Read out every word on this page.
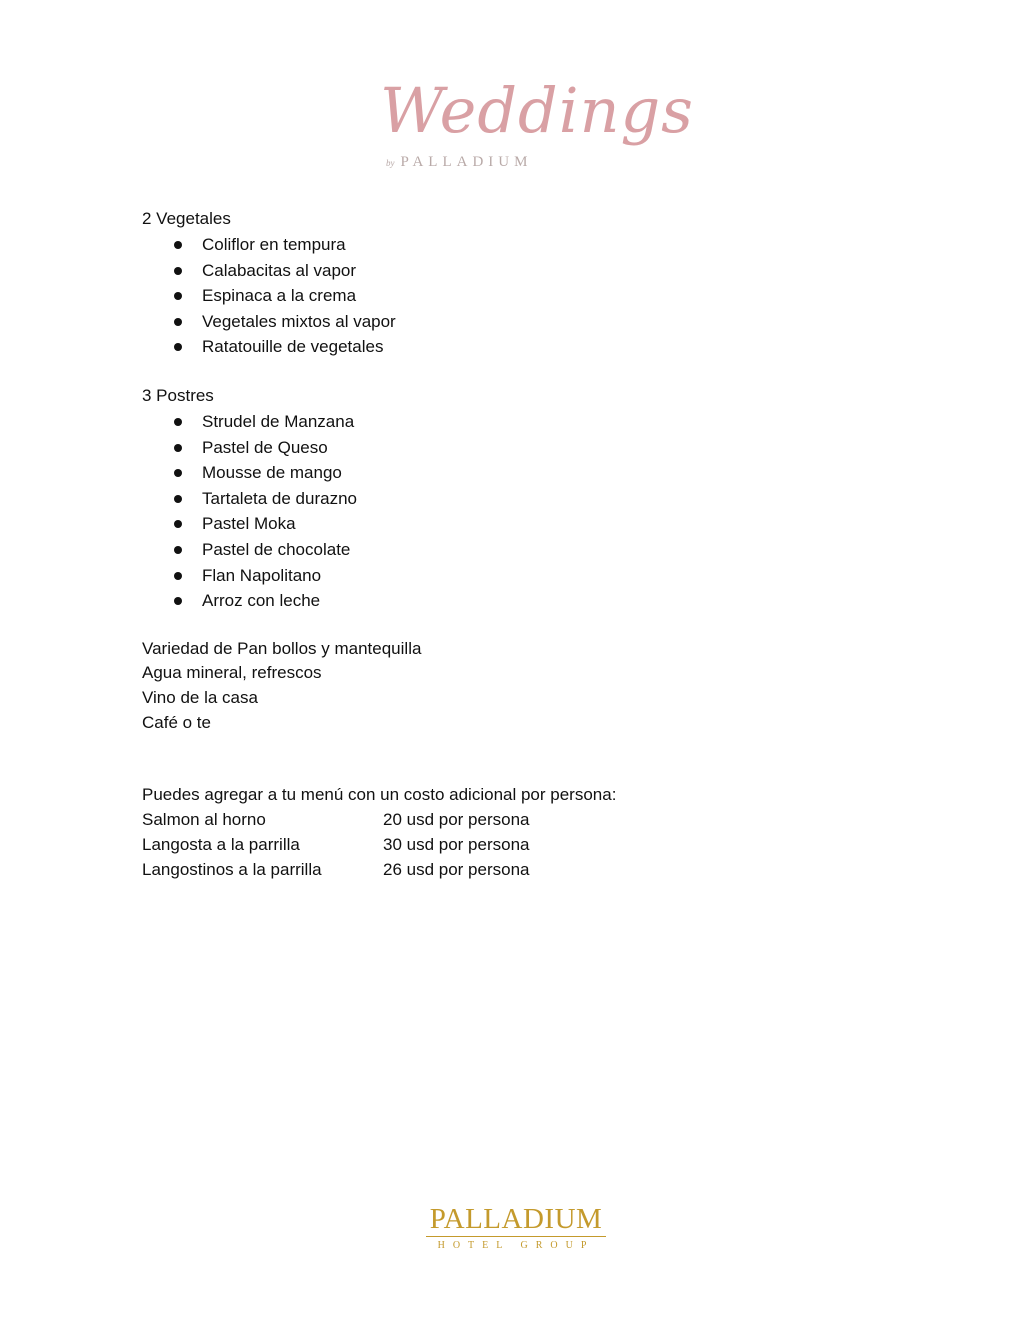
Weddings
by PALLADIUM
2 Vegetales
Coliflor en tempura
Calabacitas al vapor
Espinaca a la crema
Vegetales mixtos al vapor
Ratatouille de vegetales
3 Postres
Strudel de Manzana
Pastel de Queso
Mousse de mango
Tartaleta de durazno
Pastel Moka
Pastel de chocolate
Flan Napolitano
Arroz con leche
Variedad de Pan bollos y mantequilla
Agua mineral, refrescos
Vino de la casa
Café o te
Puedes agregar a tu menú con un costo adicional por persona:
Salmon al horno	20 usd por persona
Langosta a la parrilla	30 usd por persona
Langostinos a la parrilla	26 usd por persona
PALLADIUM
HOTEL GROUP
